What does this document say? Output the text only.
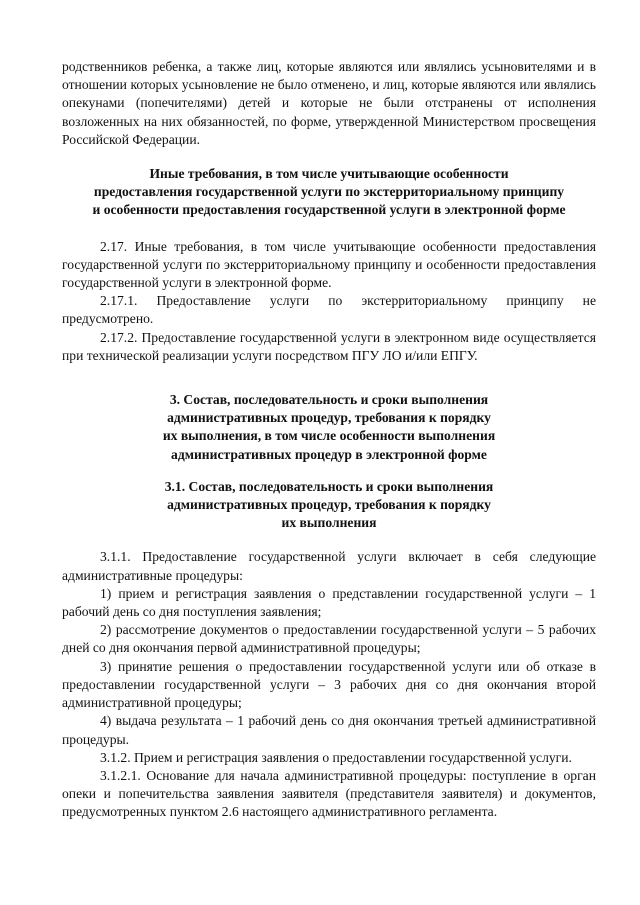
родственников ребенка, а также лиц, которые являются или являлись усыновителями и в отношении которых усыновление не было отменено, и лиц, которые являются или являлись опекунами (попечителями) детей и которые не были отстранены от исполнения возложенных на них обязанностей, по форме, утвержденной Министерством просвещения Российской Федерации.

Иные требования, в том числе учитывающие особенности
предоставления государственной услуги по экстерриториальному принципу
и особенности предоставления государственной услуги в электронной форме

2.17. Иные требования, в том числе учитывающие особенности предоставления государственной услуги по экстерриториальному принципу и особенности предоставления государственной услуги в электронной форме.

2.17.1. Предоставление услуги по экстерриториальному принципу не предусмотрено.

2.17.2. Предоставление государственной услуги в электронном виде осуществляется при технической реализации услуги посредством ПГУ ЛО и/или ЕПГУ.

3. Состав, последовательность и сроки выполнения
административных процедур, требования к порядку
их выполнения, в том числе особенности выполнения
административных процедур в электронной форме
3.1. Состав, последовательность и сроки выполнения
административных процедур, требования к порядку
их выполнения

3.1.1. Предоставление государственной услуги включает в себя следующие административные процедуры:

1) прием и регистрация заявления о представлении государственной услуги – 1 рабочий день со дня поступления заявления;

2) рассмотрение документов о предоставлении государственной услуги – 5 рабочих дней со дня окончания первой административной процедуры;

3) принятие решения о предоставлении государственной услуги или об отказе в предоставлении государственной услуги – 3 рабочих дня со дня окончания второй административной процедуры;

4) выдача результата – 1 рабочий день со дня окончания третьей административной процедуры.

3.1.2. Прием и регистрация заявления о предоставлении государственной услуги.

3.1.2.1. Основание для начала административной процедуры: поступление в орган опеки и попечительства заявления заявителя (представителя заявителя) и документов, предусмотренных пунктом 2.6 настоящего административного регламента.
